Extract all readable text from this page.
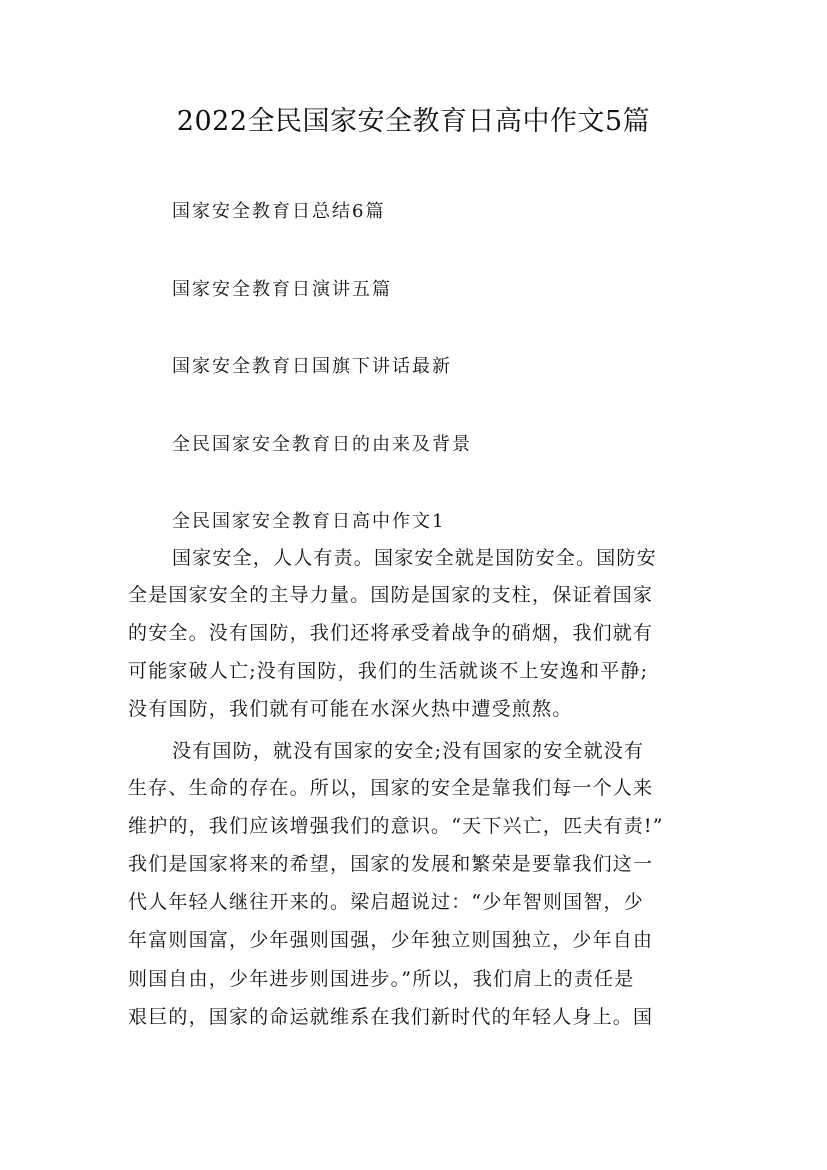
2022全民国家安全教育日高中作文5篇
国家安全教育日总结6篇
国家安全教育日演讲五篇
国家安全教育日国旗下讲话最新
全民国家安全教育日的由来及背景
全民国家安全教育日高中作文1
国家安全，人人有责。国家安全就是国防安全。国防安
全是国家安全的主导力量。国防是国家的支柱，保证着国家
的安全。没有国防，我们还将承受着战争的硝烟，我们就有
可能家破人亡;没有国防，我们的生活就谈不上安逸和平静;
没有国防，我们就有可能在水深火热中遭受煎熬。
没有国防，就没有国家的安全;没有国家的安全就没有
生存、生命的存在。所以，国家的安全是靠我们每一个人来
维护的，我们应该增强我们的意识。“天下兴亡，匹夫有责!”
我们是国家将来的希望，国家的发展和繁荣是要靠我们这一
代人年轻人继往开来的。梁启超说过：“少年智则国智，少
年富则国富，少年强则国强，少年独立则国独立，少年自由
则国自由，少年进步则国进步。”所以，我们肩上的责任是
艰巨的，国家的命运就维系在我们新时代的年轻人身上。国
